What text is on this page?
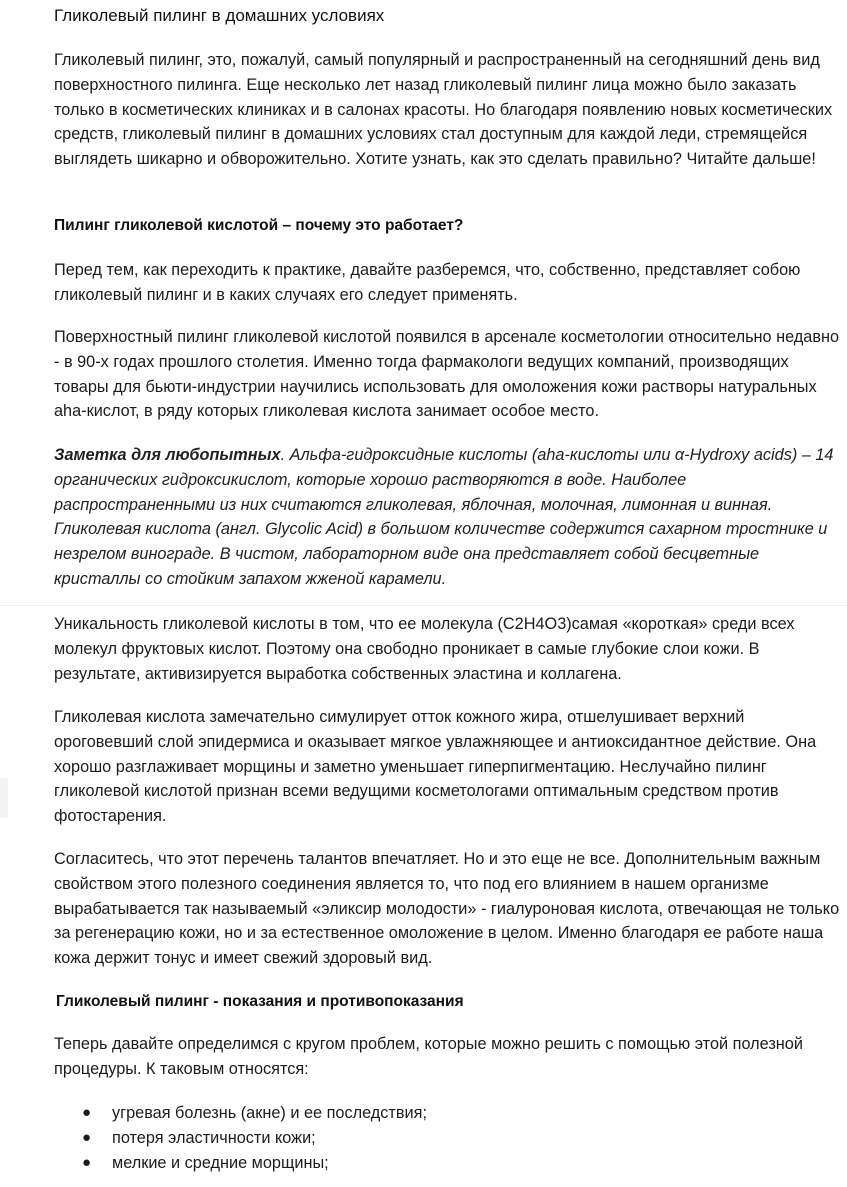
Гликолевый пилинг в домашних условиях

Гликолевый пилинг, это, пожалуй, самый популярный и распространенный на сегодняшний день вид поверхностного пилинга. Еще несколько лет назад гликолевый пилинг лица можно было заказать только в косметических клиниках и в салонах красоты. Но благодаря появлению новых косметических средств, гликолевый пилинг в домашних условиях стал доступным для каждой леди, стремящейся выглядеть шикарно и обворожительно. Хотите узнать, как это сделать правильно? Читайте дальше!

Пилинг гликолевой кислотой – почему это работает?

Перед тем, как переходить к практике, давайте разберемся, что, собственно, представляет собою гликолевый пилинг и в каких случаях его следует применять.

Поверхностный пилинг гликолевой кислотой появился в арсенале косметологии относительно недавно - в 90-х годах прошлого столетия. Именно тогда фармакологи ведущих компаний, производящих товары для бьюти-индустрии научились использовать для омоложения кожи растворы натуральных aha-кислот, в ряду которых гликолевая кислота занимает особое место.

Заметка для любопытных. Альфа-гидроксидные кислоты (aha-кислоты или α-Hydroxy acids) – 14 органических гидроксикислот, которые хорошо растворяются в воде. Наиболее распространенными из них считаются гликолевая, яблочная, молочная, лимонная и винная. Гликолевая кислота (англ. Glycolic Acid) в большом количестве содержится сахарном тростнике и незрелом винограде. В чистом, лабораторном виде она представляет собой бесцветные кристаллы со стойким запахом жженой карамели.

Уникальность гликолевой кислоты в том, что ее молекула (C2H4O3)самая «короткая» среди всех молекул фруктовых кислот. Поэтому она свободно проникает в самые глубокие слои кожи. В результате, активизируется выработка собственных эластина и коллагена.

Гликолевая кислота замечательно симулирует отток кожного жира, отшелушивает верхний ороговевший слой эпидермиса и оказывает мягкое увлажняющее и антиоксидантное действие. Она хорошо разглаживает морщины и заметно уменьшает гиперпигментацию. Неслучайно пилинг гликолевой кислотой признан всеми ведущими косметологами оптимальным средством против фотостарения.

Согласитесь, что этот перечень талантов впечатляет. Но и это еще не все. Дополнительным важным свойством этого полезного соединения является то, что под его влиянием в нашем организме вырабатывается так называемый «эликсир молодости» - гиалуроновая кислота, отвечающая не только за регенерацию кожи, но и за естественное омоложение в целом. Именно благодаря ее работе наша кожа держит тонус и имеет свежий здоровый вид.

Гликолевый пилинг - показания и противопоказания

Теперь давайте определимся с кругом проблем, которые можно решить с помощью этой полезной процедуры. К таковым относятся:

● угревая болезнь (акне) и ее последствия;
● потеря эластичности кожи;
● мелкие и средние морщины;
